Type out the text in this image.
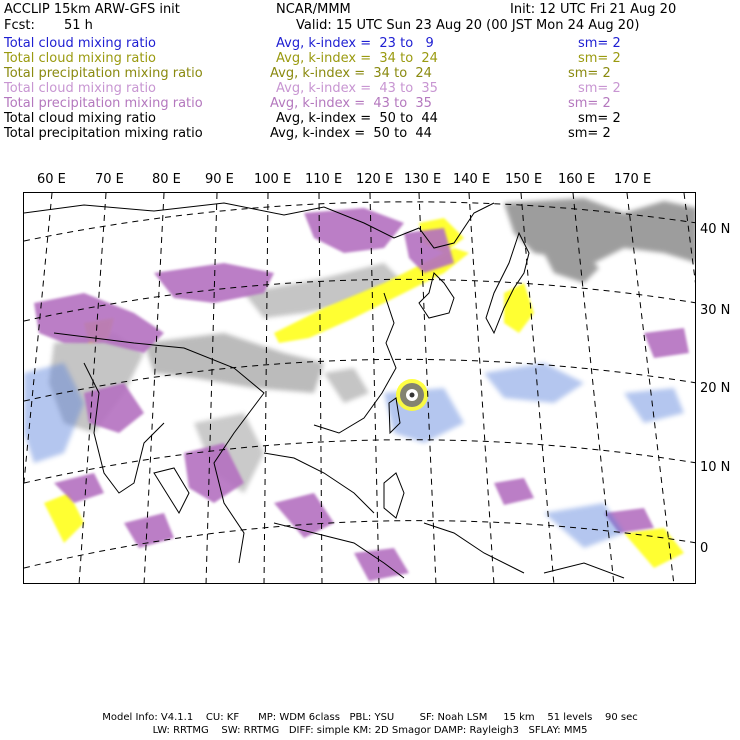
ACCLIP 15km ARW-GFS init	NCAR/MMM	Init: 12 UTC Fri 21 Aug 20
Fcst: 51 h	Valid: 15 UTC Sun 23 Aug 20 (00 JST Mon 24 Aug 20)
Total cloud mixing ratio	Avg, k-index =  23 to   9	sm= 2
Total cloud mixing ratio	Avg, k-index =  34 to  24	sm= 2
Total precipitation mixing ratio	Avg, k-index =  34 to  24	sm= 2
Total cloud mixing ratio	Avg, k-index =  43 to  35	sm= 2
Total precipitation mixing ratio	Avg, k-index =  43 to  35	sm= 2
Total cloud mixing ratio	Avg, k-index =  50 to  44	sm= 2
Total precipitation mixing ratio	Avg, k-index =  50 to  44	sm= 2
60 E 70 E 80 E 90 E 100 E 110 E 120 E 130 E 140 E 150 E 160 E 170 E
40 N
30 N
20 N
10 N
0
Model Info: V4.1.1    CU: KF      MP: WDM 6class   PBL: YSU        SF: Noah LSM     15 km    51 levels    90 sec
LW: RRTMG    SW: RRTMG   DIFF: simple KM: 2D Smagor DAMP: Rayleigh3   SFLAY: MM5
